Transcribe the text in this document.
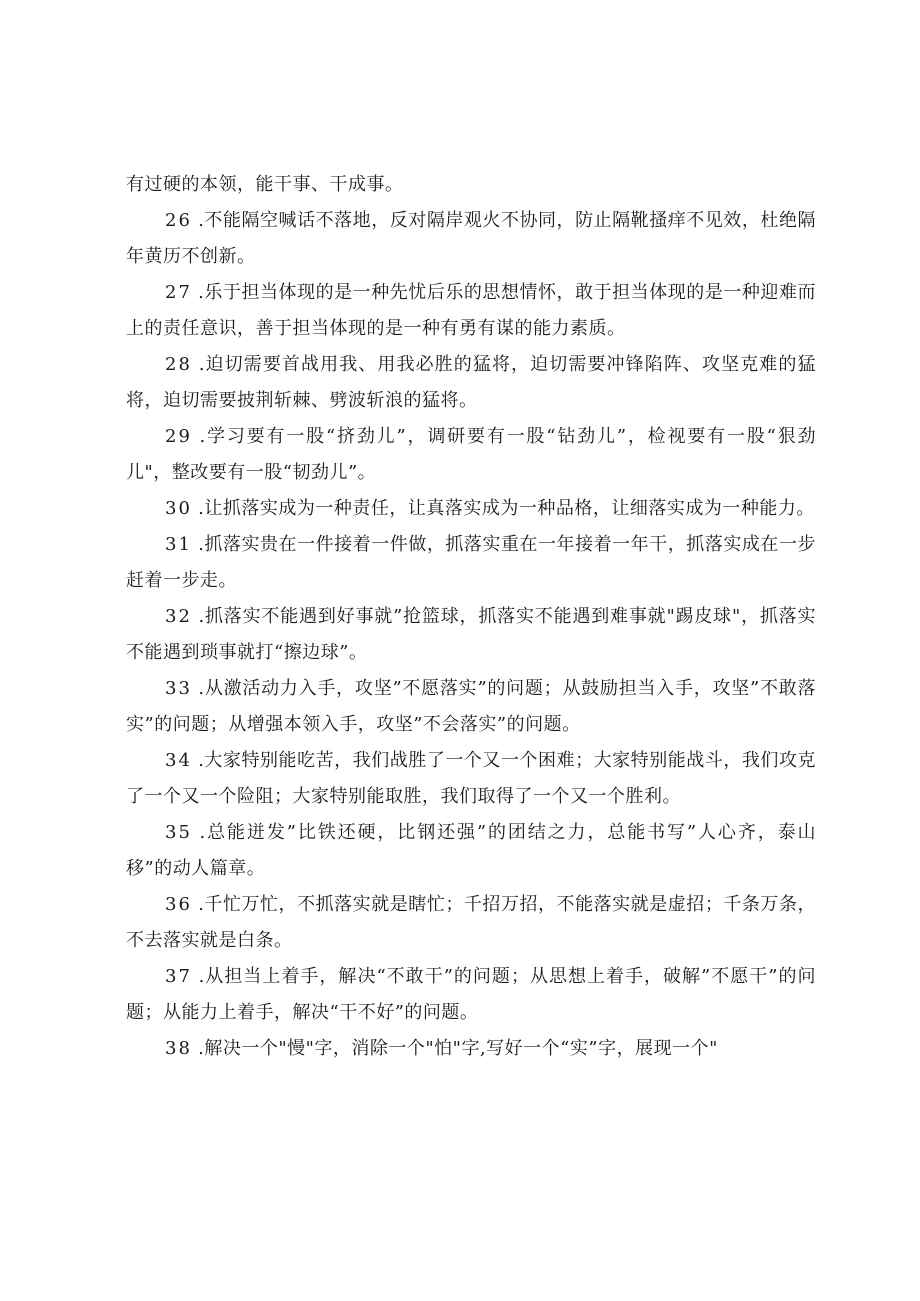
有过硬的本领，能干事、干成事。

26 .不能隔空喊话不落地，反对隔岸观火不协同，防止隔靴搔痒不见效，杜绝隔年黄历不创新。

27 .乐于担当体现的是一种先忧后乐的思想情怀，敢于担当体现的是一种迎难而上的责任意识，善于担当体现的是一种有勇有谋的能力素质。

28 .迫切需要首战用我、用我必胜的猛将，迫切需要冲锋陷阵、攻坚克难的猛将，迫切需要披荆斩棘、劈波斩浪的猛将。

29 .学习要有一股“挤劲儿”，调研要有一股“钻劲儿”，检视要有一股“狠劲儿"，整改要有一股“韧劲儿”。

30 .让抓落实成为一种责任，让真落实成为一种品格，让细落实成为一种能力。

31 .抓落实贵在一件接着一件做，抓落实重在一年接着一年干，抓落实成在一步赶着一步走。

32 .抓落实不能遇到好事就”抢篮球，抓落实不能遇到难事就"踢皮球"，抓落实不能遇到琐事就打“擦边球”。

33 .从激活动力入手，攻坚”不愿落实”的问题；从鼓励担当入手，攻坚”不敢落实”的问题；从增强本领入手，攻坚”不会落实”的问题。

34 .大家特别能吃苦，我们战胜了一个又一个困难；大家特别能战斗，我们攻克了一个又一个险阻；大家特别能取胜，我们取得了一个又一个胜利。

35 .总能迸发”比铁还硬，比钢还强”的团结之力，总能书写”人心齐，泰山移”的动人篇章。

36 .千忙万忙，不抓落实就是瞎忙；千招万招，不能落实就是虚招；千条万条，不去落实就是白条。

37 .从担当上着手，解决“不敢干”的问题；从思想上着手，破解”不愿干”的问题；从能力上着手，解决“干不好”的问题。

38 .解决一个"慢"字，消除一个"怕"字,写好一个“实”字，展现一个"
